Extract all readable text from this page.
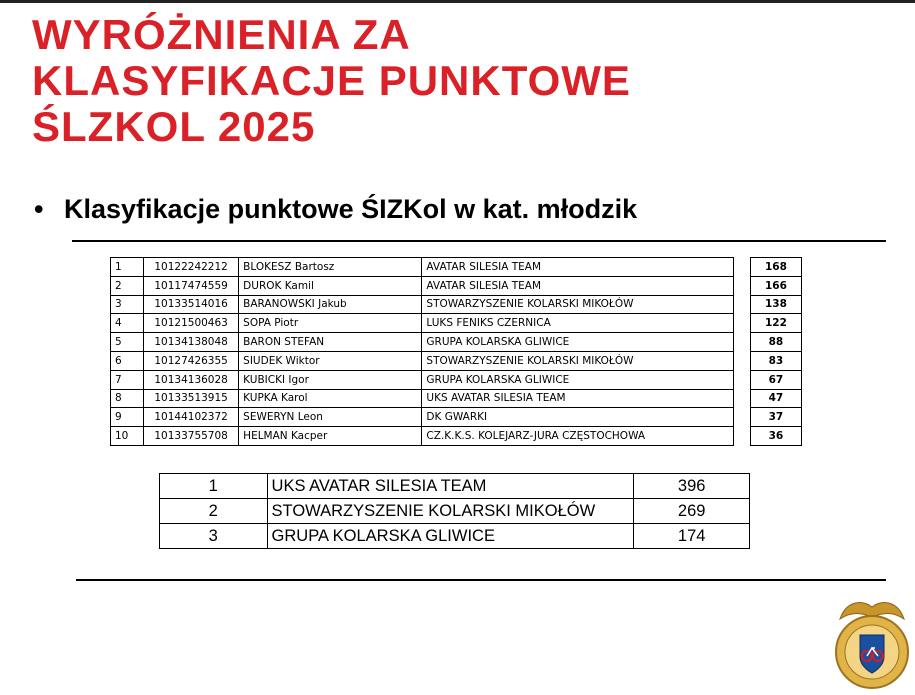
WYRÓŻNIENIA ZA
KLASYFIKACJE PUNKTOWE
ŚLZKOL 2025
• Klasyfikacje punktowe ŚIZKol w kat. młodzik
1	10122242212	BLOKESZ Bartosz	AVATAR SILESIA TEAM		168
2	10117474559	DUROK Kamil	AVATAR SILESIA TEAM		166
3	10133514016	BARANOWSKI Jakub	STOWARZYSZENIE KOLARSKI MIKOŁÓW		138
4	10121500463	SOPA Piotr	LUKS FENIKS CZERNICA		122
5	10134138048	BARON STEFAN	GRUPA KOLARSKA GLIWICE		88
6	10127426355	SIUDEK Wiktor	STOWARZYSZENIE KOLARSKI MIKOŁÓW		83
7	10134136028	KUBICKI Igor	GRUPA KOLARSKA GLIWICE		67
8	10133513915	KUPKA Karol	UKS AVATAR SILESIA TEAM		47
9	10144102372	SEWERYN Leon	DK GWARKI		37
10	10133755708	HELMAN Kacper	CZ.K.K.S. KOLEJARZ-JURA CZĘSTOCHOWA		36
1	UKS AVATAR SILESIA TEAM	396
2	STOWARZYSZENIE KOLARSKI MIKOŁÓW	269
3	GRUPA KOLARSKA GLIWICE	174
